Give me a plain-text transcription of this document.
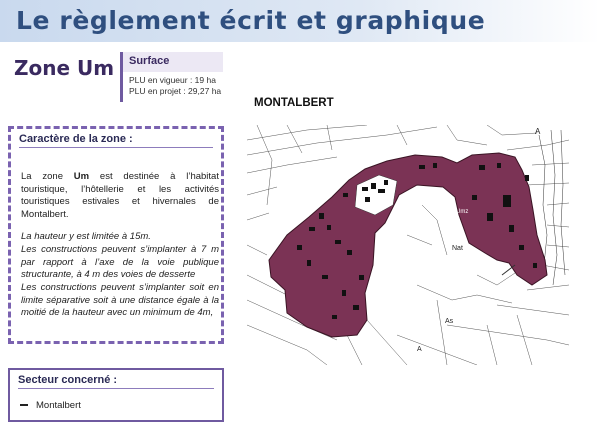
Le règlement écrit et graphique
Zone Um	Surface
PLU en vigueur : 19 ha
PLU en projet : 29,27 ha
MONTALBERT
Caractère de la zone :
La zone Um est destinée à l’habitat touristique, l’hôtellerie et les activités touristiques estivales et hivernales de Montalbert.
La hauteur y est limitée à 15m.
Les constructions peuvent s’implanter à 7 m par rapport à l’axe de la voie publique structurante, à 4 m des voies de desserte
Les constructions peuvent s’implanter soit en limite séparative soit à une distance égale à la moitié de la hauteur avec un minimum de 4m,
Secteur concerné :
Montalbert
Umz
A
Nat
As
A
